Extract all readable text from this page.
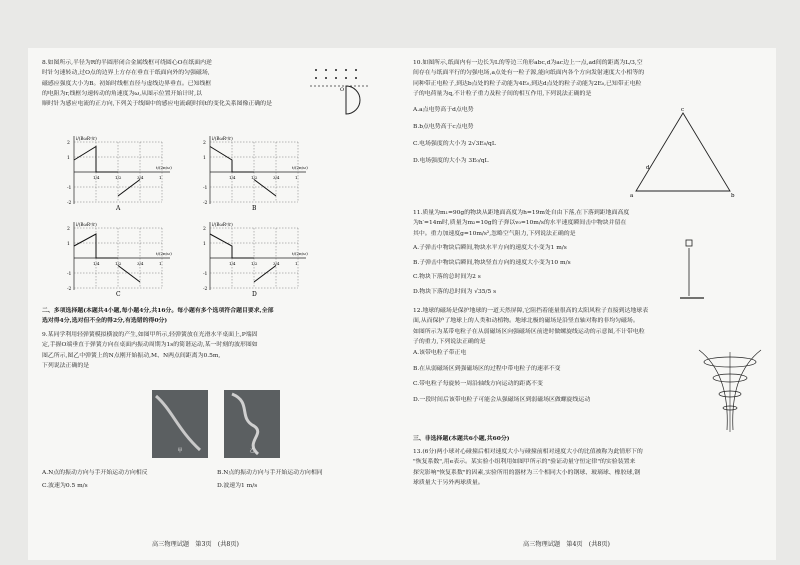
8.如图所示,半径为R的半圆形闭合金属线框可绕圆心O在纸面内逆
时针匀速转动,过O点的边界上方存在垂直于纸面向外的匀强磁场,
磁感应强度大小为B。初始时线框直径与虚线边界垂直。已知线框
的电阻为r,线框匀速转动的角速度为ω,从图示位置开始计时,以
顺时针为感应电流的正方向,下列关于线圈中的感应电流i随时间t的变化关系图像正确的是
O
2
1
-1
-2
1/4	1/2	3/4	1
i/(BωR²/r)
t/(2π/ω)
A
2
1
-1
-2
1/4	1/2	3/4	1
i/(BωR²/r)
t/(2π/ω)
B
2
1
-1
-2
1/4	1/2	3/4	1
i/(BωR²/r)
t/(2π/ω)
C
2
1
-1
-2
1/4	1/2	3/4	1
i/(BωR²/r)
t/(2π/ω)
D
二、多项选择题(本题共4小题,每小题4分,共16分。每小题有多个选项符合题目要求,全部
选对得4分,选对但不全的得2分,有选错的得0分)
9.某同学利用轻弹簧模拟横波的产生,如图甲所示,轻弹簧放在光滑水平桌面上,P端固
定,手握O端垂直于弹簧方向在桌面内振动周期为1s的简谐运动,某一时刻的波形图如
图乙所示,图乙中弹簧上的N点刚开始振动,M、N两点间距离为0.5m,
下列说法正确的是
甲	乙
A.N点的振动方向与手开始运动方向相反	B.N点的振动方向与手开始运动方向相同
C.波速为0.5 m/s	D.波速为1 m/s
高三物理试题　第3页　(共8页)
10.如图所示,纸面内有一边长为L的等边三角形abc,d为ac边上一点,ad间的距离为L/3,空
间存在与纸面平行的匀强电场,a点处有一粒子源,能向纸面内各个方向发射速度大小相等的
同种带正电粒子,到达b点处的粒子动能为4E₀,到达d点处的粒子动能为2E₀,已知带正电粒
子的电荷量为q,不计粒子重力及粒子间的相互作用,下列说法正确的是
A.a点电势高于d点电势
B.b点电势高于c点电势
C.电场强度的大小为 2√3E₀/qL
D.电场强度的大小为 3E₀/qL
c
a
d
b
11.质量为m₁=90g的物块从距地面高度为h=19m处自由下落,在下落到距地面高度
为h′=14m时,质量为m₂=10g的子弹以v₀=10m/s的水平速度瞬间击中物块并留在
其中。重力加速度g=10m/s²,忽略空气阻力,下列说法正确的是
A.子弹击中物块后瞬间,物块水平方向的速度大小变为1 m/s
B.子弹击中物块后瞬间,物块竖直方向的速度大小变为10 m/s
C.物块下落的总时间为2 s
D.物块下落的总时间为 √35/5 s
12.地球的磁场是保护地球的一道天然屏障,它阻挡着能量很高的太阳风粒子直接到达地球表
面,从而保护了地球上的人类和动植物。地球北极的磁场是沿竖直轴对称的非均匀磁场。
如图所示为某带电粒子在从弱磁场区向强磁场区前进时做螺旋线运动的示意图,不计带电粒
子的重力,下列说法正确的是
A.该带电粒子带正电
B.在从弱磁场区到强磁场区的过程中带电粒子的速率不变
C.带电粒子每旋转一周沿轴线方向运动的距离不变
D.一段时间后该带电粒子可能会从强磁场区到弱磁场区做螺旋线运动
三、非选择题(本题共6小题,共60分)
13.(6分)两小球对心碰撞后相对速度大小与碰撞前相对速度大小的比值被称为此情形下的
"恢复系数",用e表示。某实验小组利用如图甲所示的"验证动量守恒定律"的实验装置来
探究影响"恢复系数"的因素,实验所用的器材为三个相同大小的钢球、玻璃球、橡胶球,钢
球质量大于另外两球质量。
高三物理试题　第4页　(共8页)
